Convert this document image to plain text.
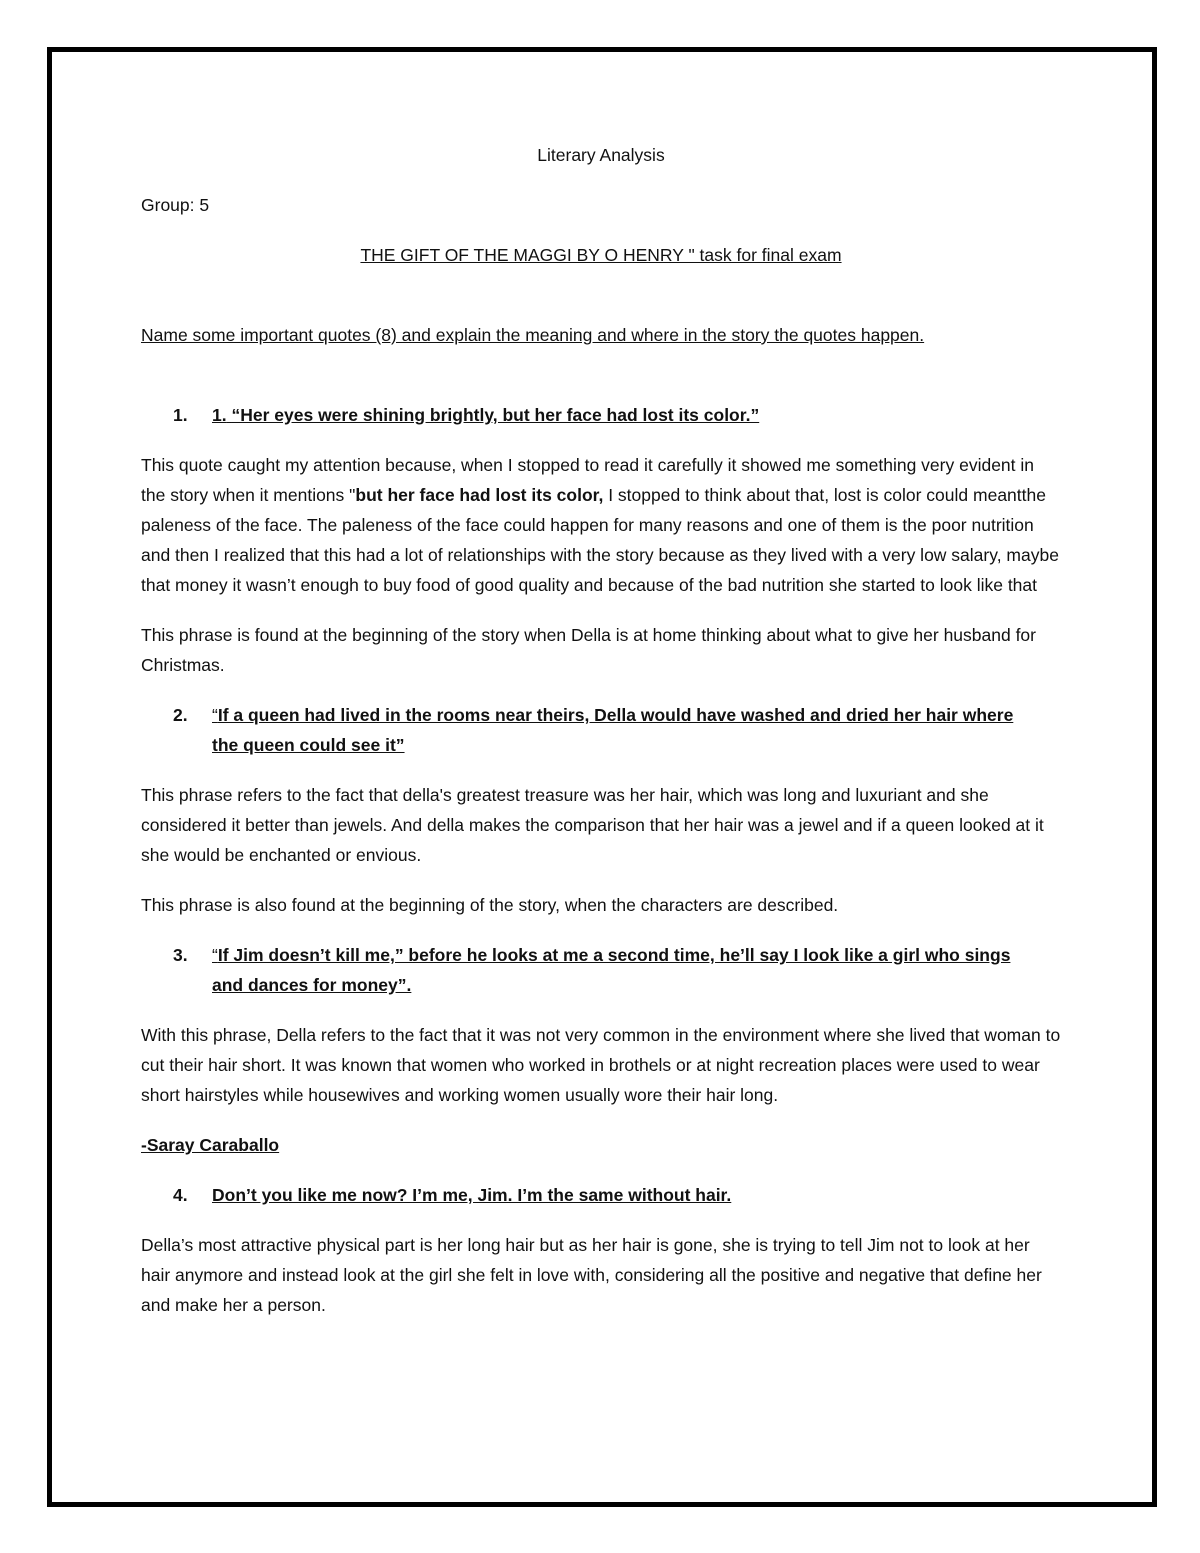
Literary Analysis
Group: 5
THE GIFT OF THE MAGGI BY O HENRY " task for final exam
Name some important quotes (8) and explain the meaning and where in the story the quotes happen.
1.	1. “Her eyes were shining brightly, but her face had lost its color.”

This quote caught my attention because, when I stopped to read it carefully it showed me something very evident in the story when it mentions "but her face had lost its color, I stopped to think about that, lost is color could meantthe paleness of the face. The paleness of the face could happen for many reasons and one of them is the poor nutrition and then I realized that this had a lot of relationships with the story because as they lived with a very low salary, maybe that money it wasn’t enough to buy food of good quality and because of the bad nutrition she started to look like that

This phrase is found at the beginning of the story when Della is at home thinking about what to give her husband for Christmas.

2.	“If a queen had lived in the rooms near theirs, Della would have washed and dried her hair where the queen could see it”

This phrase refers to the fact that della's greatest treasure was her hair, which was long and luxuriant and she considered it better than jewels. And della makes the comparison that her hair was a jewel and if a queen looked at it she would be enchanted or envious.

This phrase is also found at the beginning of the story, when the characters are described.

3.	“If Jim doesn’t kill me,” before he looks at me a second time, he’ll say I look like a girl who sings and dances for money”.

With this phrase, Della refers to the fact that it was not very common in the environment where she lived that woman to cut their hair short. It was known that women who worked in brothels or at night recreation places were used to wear short hairstyles while housewives and working women usually wore their hair long.

-Saray Caraballo
4.	Don’t you like me now? I’m me, Jim. I’m the same without hair.

Della’s most attractive physical part is her long hair but as her hair is gone, she is trying to tell Jim not to look at her hair anymore and instead look at the girl she felt in love with, considering all the positive and negative that define her and make her a person.
